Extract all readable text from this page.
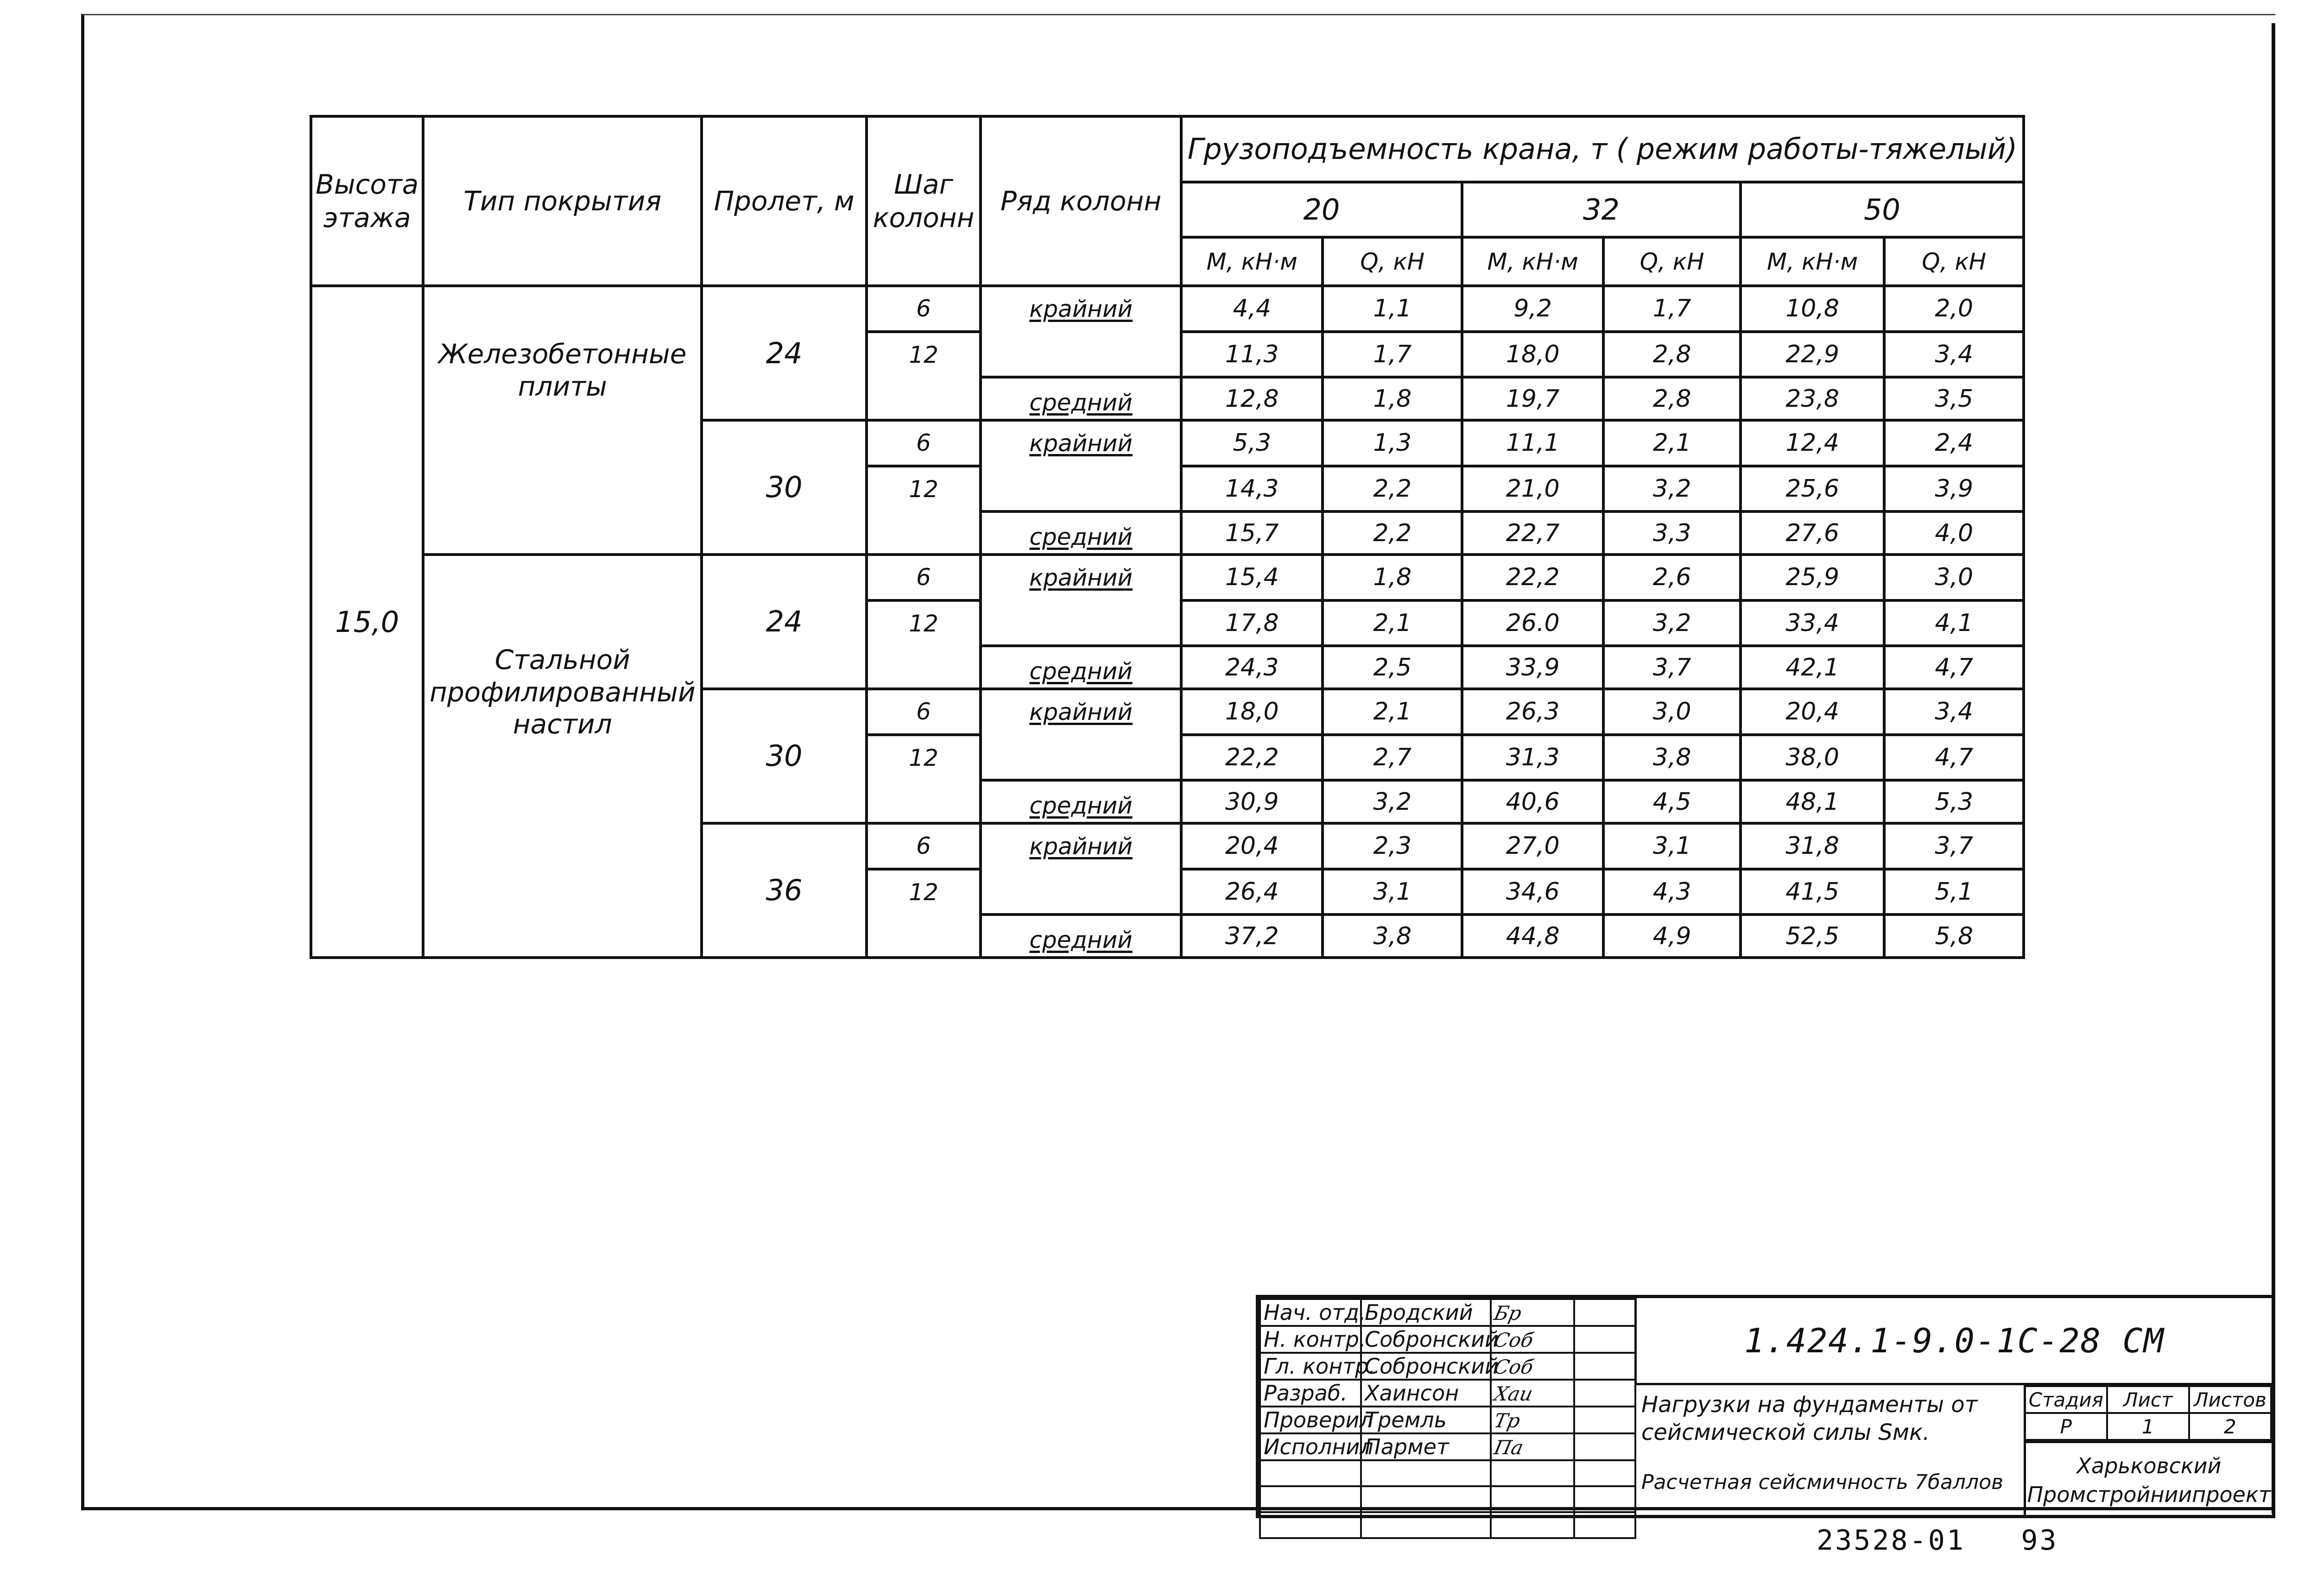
Высота этажа	Тип покрытия	Пролет, м	Шаг колонн	Ряд колонн	Грузоподъемность крана, т ( режим работы-тяжелый)					
					20		32		50	
					М, кН·м	Q, кН	М, кН·м	Q, кН	М, кН·м	Q, кН
15,0	Железобетонные плиты	24	6	крайний	4,4	1,1	9,2	1,7	10,8	2,0
			12		11,3	1,7	18,0	2,8	22,9	3,4
				средний	12,8	1,8	19,7	2,8	23,8	3,5
		30	6	крайний	5,3	1,3	11,1	2,1	12,4	2,4
			12		14,3	2,2	21,0	3,2	25,6	3,9
				средний	15,7	2,2	22,7	3,3	27,6	4,0
	Стальной профилированный настил	24	6	крайний	15,4	1,8	22,2	2,6	25,9	3,0
			12		17,8	2,1	26.0	3,2	33,4	4,1
				средний	24,3	2,5	33,9	3,7	42,1	4,7
		30	6	крайний	18,0	2,1	26,3	3,0	20,4	3,4
			12		22,2	2,7	31,3	3,8	38,0	4,7
				средний	30,9	3,2	40,6	4,5	48,1	5,3
		36	6	крайний	20,4	2,3	27,0	3,1	31,8	3,7
			12		26,4	3,1	34,6	4,3	41,5	5,1
				средний	37,2	3,8	44,8	4,9	52,5	5,8
Нач. отд.	Бродский	Бр	
Н. контр.	Собронский	Соб	
Гл. контр.	Собронский	Соб	
Разраб.	Хаинсон	Хаи	
Проверил	Тремль	Тр	
Исполнил	Пармет	Па	

1.424.1-9.0-1С-28 СМ
Нагрузки на фундаменты от сейсмической силы Sмк.
Расчетная сейсмичность 7баллов
Стадия	Лист	Листов
Р	1	2
Харьковский Промстройниипроект
23528-01 93
